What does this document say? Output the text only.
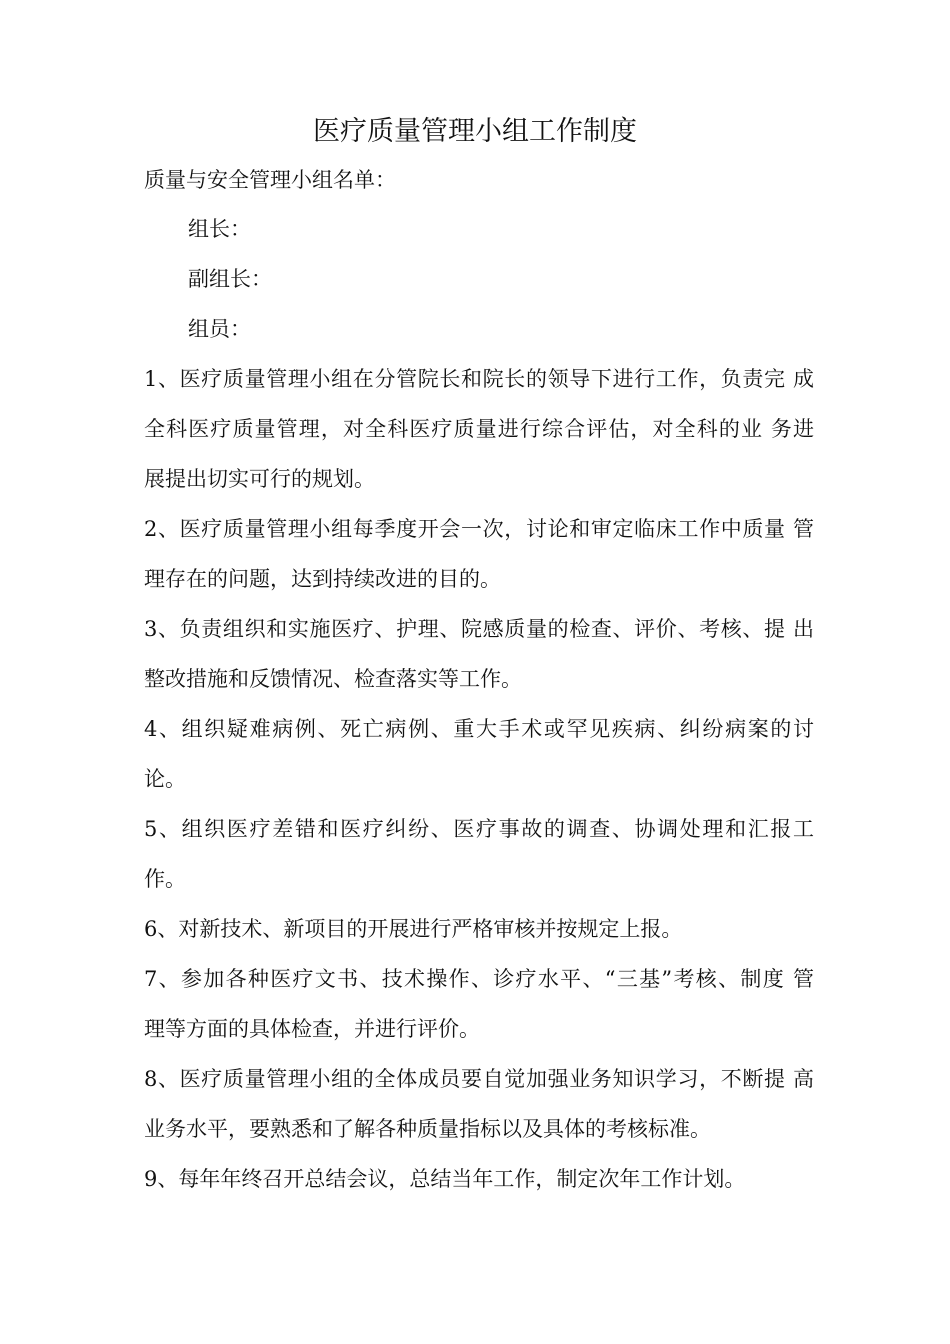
医疗质量管理小组工作制度
质量与安全管理小组名单：
组长：
副组长：
组员：
1、医疗质量管理小组在分管院长和院长的领导下进行工作，负责完 成
全科医疗质量管理，对全科医疗质量进行综合评估，对全科的业 务进
展提出切实可行的规划。
2、医疗质量管理小组每季度开会一次，讨论和审定临床工作中质量 管
理存在的问题，达到持续改进的目的。
3、负责组织和实施医疗、护理、院感质量的检查、评价、考核、提 出
整改措施和反馈情况、检查落实等工作。
4、组织疑难病例、死亡病例、重大手术或罕见疾病、纠纷病案的讨
论。
5、组织医疗差错和医疗纠纷、医疗事故的调查、协调处理和汇报工
作。
6、对新技术、新项目的开展进行严格审核并按规定上报。
7、参加各种医疗文书、技术操作、诊疗水平、“三基”考核、制度 管
理等方面的具体检查，并进行评价。
8、医疗质量管理小组的全体成员要自觉加强业务知识学习，不断提 高
业务水平，要熟悉和了解各种质量指标以及具体的考核标准。
9、每年年终召开总结会议，总结当年工作，制定次年工作计划。
